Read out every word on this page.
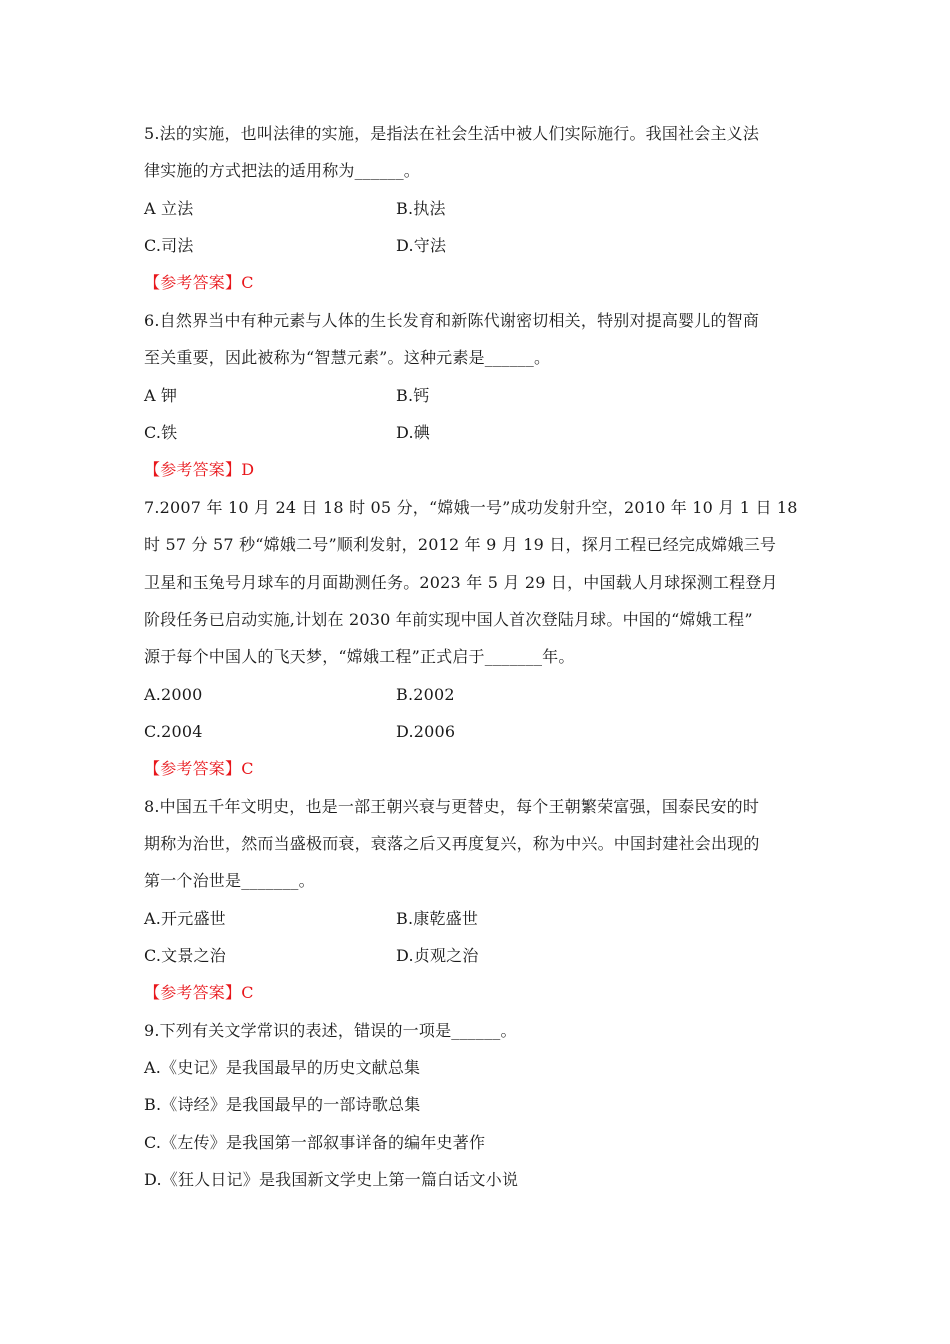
5.法的实施，也叫法律的实施，是指法在社会生活中被人们实际施行。我国社会主义法
律实施的方式把法的适用称为______。
A 立法	B.执法
C.司法	D.守法
【参考答案】C
6.自然界当中有种元素与人体的生长发育和新陈代谢密切相关，特别对提高婴儿的智商
至关重要，因此被称为“智慧元素”。这种元素是______。
A 钾	B.钙
C.铁	D.碘
【参考答案】D
7.2007 年 10 月 24 日 18 时 05 分，“嫦娥一号”成功发射升空，2010 年 10 月 1 日 18
时 57 分 57 秒“嫦娥二号”顺利发射，2012 年 9 月 19 日，探月工程已经完成嫦娥三号
卫星和玉兔号月球车的月面勘测任务。2023 年 5 月 29 日，中国载人月球探测工程登月
阶段任务已启动实施,计划在 2030 年前实现中国人首次登陆月球。中国的“嫦娥工程”
源于每个中国人的飞天梦，“嫦娥工程”正式启于_______年。
A.2000	B.2002
C.2004	D.2006
【参考答案】C
8.中国五千年文明史，也是一部王朝兴衰与更替史，每个王朝繁荣富强，国泰民安的时
期称为治世，然而当盛极而衰，衰落之后又再度复兴，称为中兴。中国封建社会出现的
第一个治世是_______。
A.开元盛世	B.康乾盛世
C.文景之治	D.贞观之治
【参考答案】C
9.下列有关文学常识的表述，错误的一项是______。
A.《史记》是我国最早的历史文献总集
B.《诗经》是我国最早的一部诗歌总集
C.《左传》是我国第一部叙事详备的编年史著作
D.《狂人日记》是我国新文学史上第一篇白话文小说
